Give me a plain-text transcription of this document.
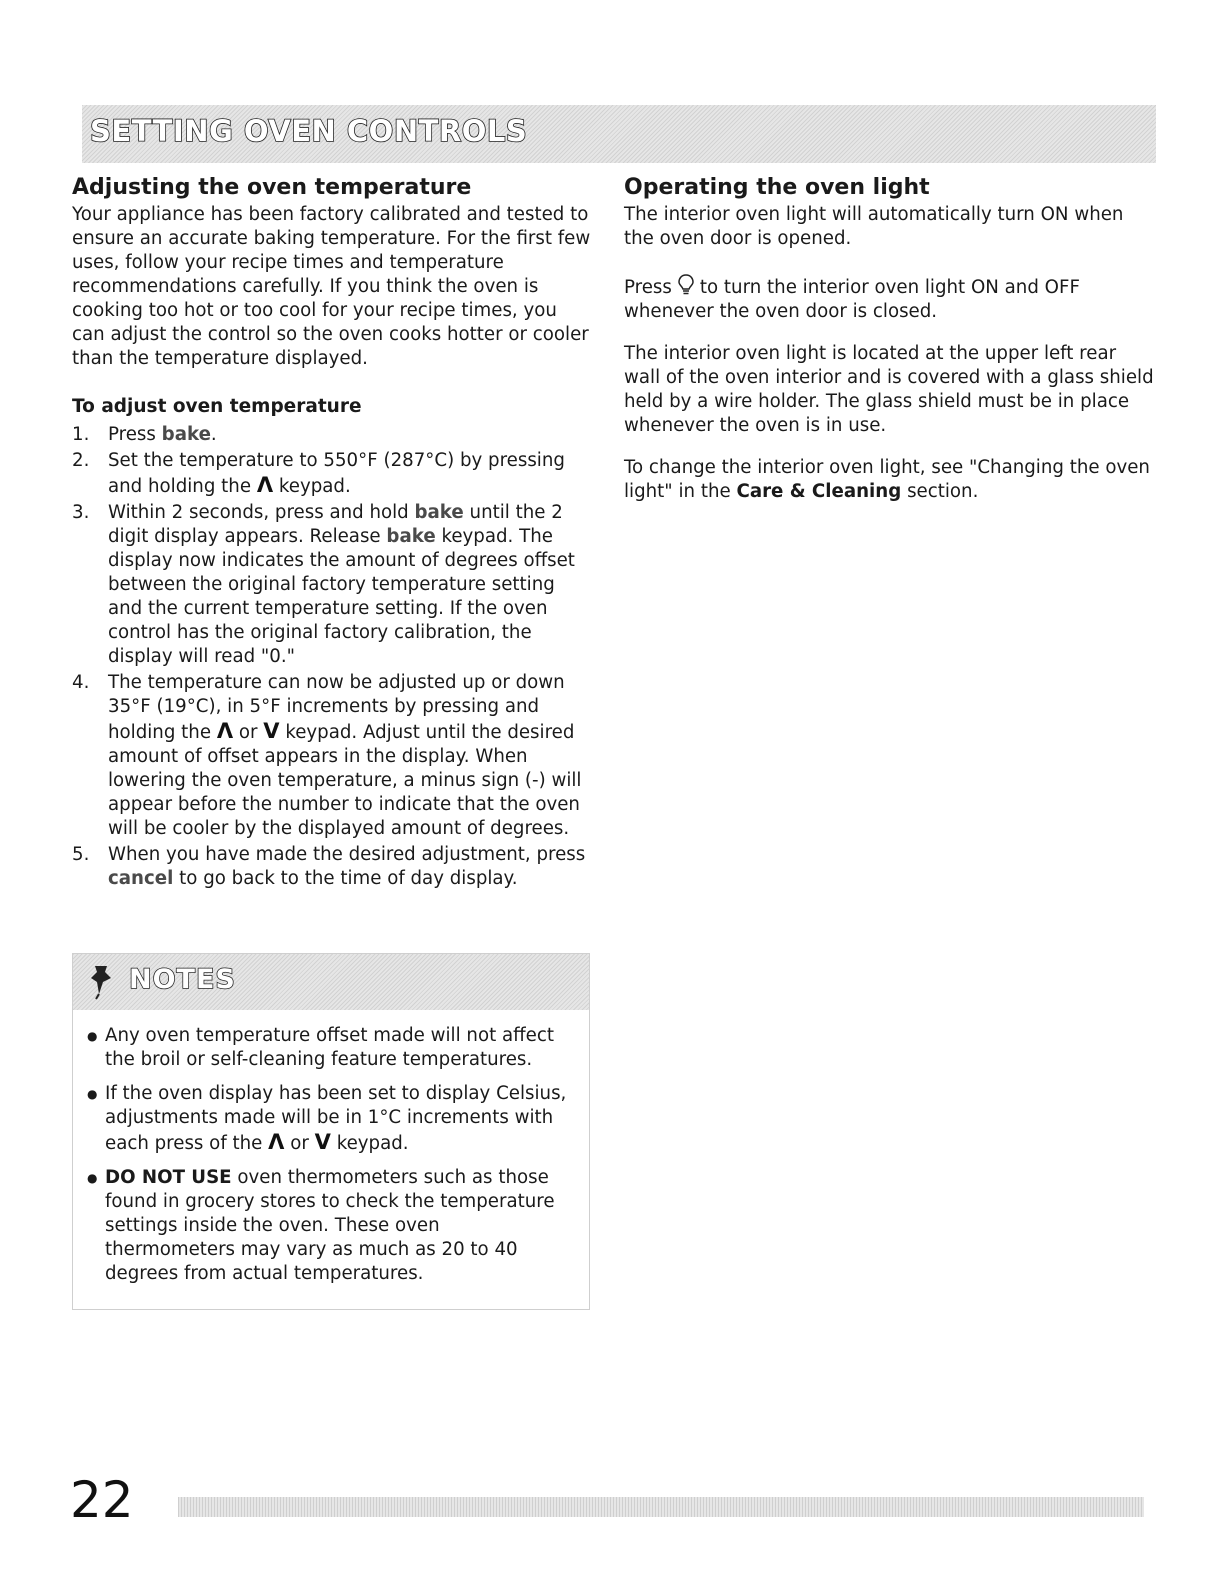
SETTING OVEN CONTROLS
Adjusting the oven temperature

Your appliance has been factory calibrated and tested to ensure an accurate baking temperature. For the first few uses, follow your recipe times and temperature recommendations carefully. If you think the oven is cooking too hot or too cool for your recipe times, you can adjust the control so the oven cooks hotter or cooler than the temperature displayed.

To adjust oven temperature
1. Press bake.
2. Set the temperature to 550°F (287°C) by pressing and holding the Λ keypad.
3. Within 2 seconds, press and hold bake until the 2 digit display appears. Release bake keypad. The display now indicates the amount of degrees offset between the original factory temperature setting and the current temperature setting. If the oven control has the original factory calibration, the display will read "0."
4. The temperature can now be adjusted up or down 35°F (19°C), in 5°F increments by pressing and holding the Λ or V keypad. Adjust until the desired amount of offset appears in the display. When lowering the oven temperature, a minus sign (-) will appear before the number to indicate that the oven will be cooler by the displayed amount of degrees.
5. When you have made the desired adjustment, press cancel to go back to the time of day display.
NOTES
● Any oven temperature offset made will not affect the broil or self-cleaning feature temperatures.
● If the oven display has been set to display Celsius, adjustments made will be in 1°C increments with each press of the Λ or V keypad.
● DO NOT USE oven thermometers such as those found in grocery stores to check the temperature settings inside the oven. These oven thermometers may vary as much as 20 to 40 degrees from actual temperatures.
Operating the oven light

The interior oven light will automatically turn ON when the oven door is opened.

Press to turn the interior oven light ON and OFF whenever the oven door is closed.

The interior oven light is located at the upper left rear wall of the oven interior and is covered with a glass shield held by a wire holder. The glass shield must be in place whenever the oven is in use.

To change the interior oven light, see "Changing the oven light" in the Care & Cleaning section.

22
